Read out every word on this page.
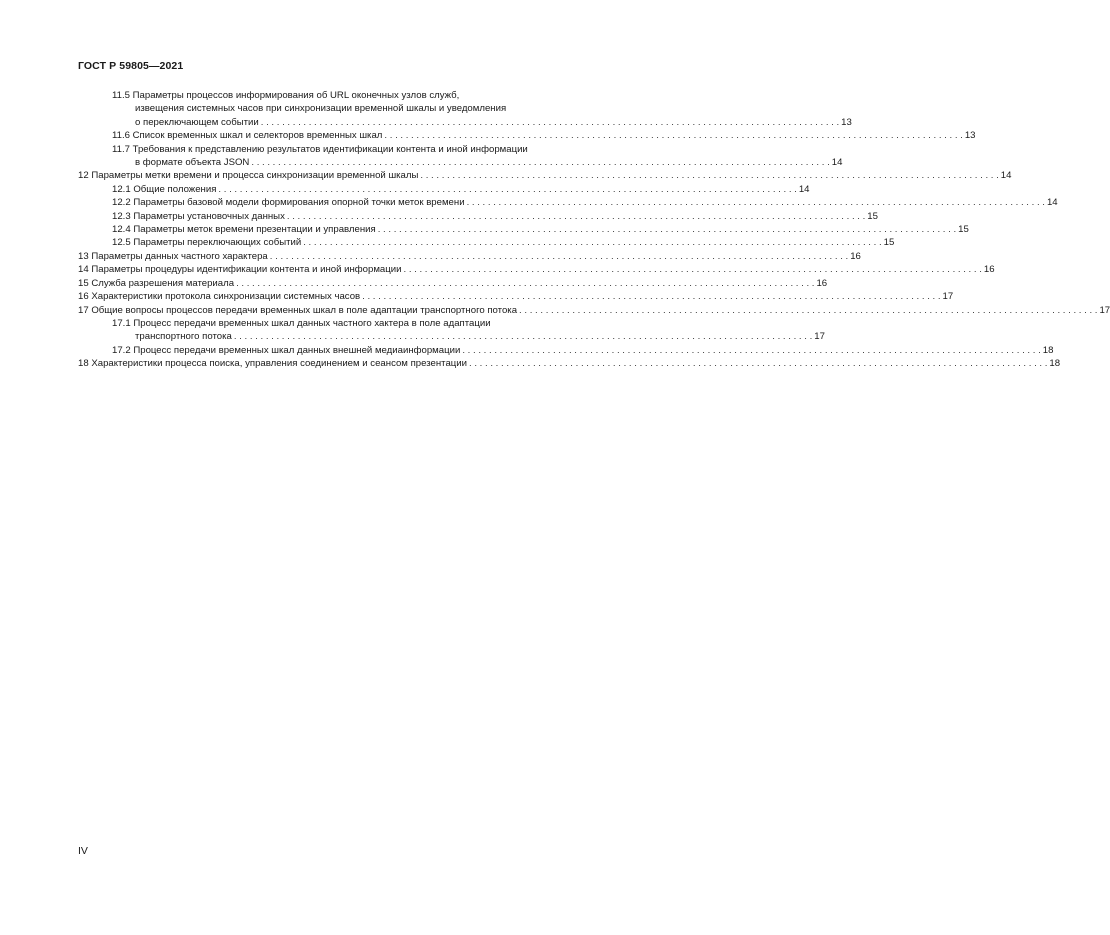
ГОСТ Р 59805—2021
11.5 Параметры процессов информирования об URL оконечных узлов служб,
извещения системных часов при синхронизации временной шкалы и уведомления
о переключающем событии . . .	13
11.6 Список временных шкал и селекторов временных шкал . . .	13
11.7 Требования к представлению результатов идентификации контента и иной информации
в формате объекта JSON . . .	14
12 Параметры метки времени и процесса синхронизации временной шкалы . . .	14
12.1 Общие положения . . .	14
12.2 Параметры базовой модели формирования опорной точки меток времени . . .	14
12.3 Параметры установочных данных . . .	15
12.4 Параметры меток времени презентации и управления . . .	15
12.5 Параметры переключающих событий . . .	15
13 Параметры данных частного характера . . .	16
14 Параметры процедуры идентификации контента и иной информации . . .	16
15 Служба разрешения материала . . .	16
16 Характеристики протокола синхронизации системных часов . . .	17
17 Общие вопросы процессов передачи временных шкал в поле адаптации транспортного потока . . .	17
17.1 Процесс передачи временных шкал данных частного хактера в поле адаптации
транспортного потока . . .	17
17.2 Процесс передачи временных шкал данных внешней медиаинформации . . .	18
18 Характеристики процесса поиска, управления соединением и сеансом презентации . . .	18
IV
